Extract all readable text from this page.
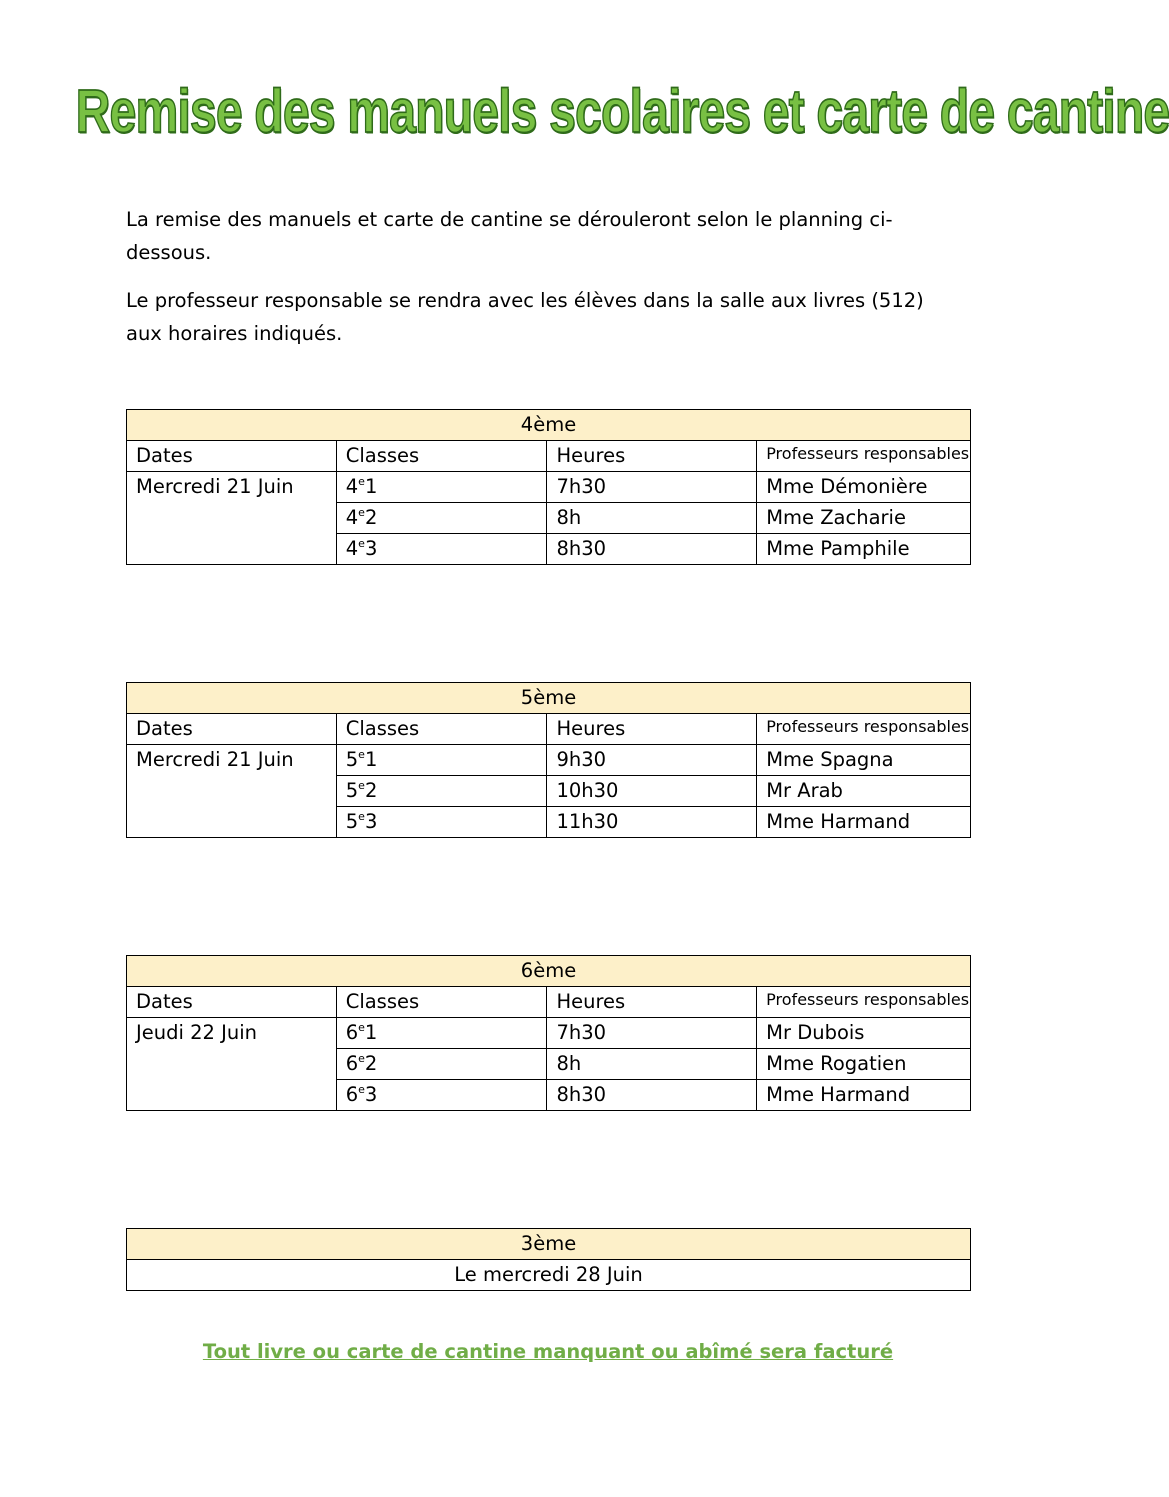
Remise des manuels scolaires et carte de cantine

La remise des manuels et carte de cantine se dérouleront selon le planning ci-dessous.

Le professeur responsable se rendra avec les élèves dans la salle aux livres (512) aux horaires indiqués.

4ème			
Dates	Classes	Heures	Professeurs responsables
Mercredi 21 Juin	4e1	7h30	Mme Démonière
	4e2	8h	Mme Zacharie
	4e3	8h30	Mme Pamphile
5ème			
Dates	Classes	Heures	Professeurs responsables
Mercredi 21 Juin	5e1	9h30	Mme Spagna
	5e2	10h30	Mr Arab
	5e3	11h30	Mme Harmand
6ème			
Dates	Classes	Heures	Professeurs responsables
Jeudi 22 Juin	6e1	7h30	Mr Dubois
	6e2	8h	Mme Rogatien
	6e3	8h30	Mme Harmand
3ème
Le mercredi 28 Juin
Tout livre ou carte de cantine manquant ou abîmé sera facturé
